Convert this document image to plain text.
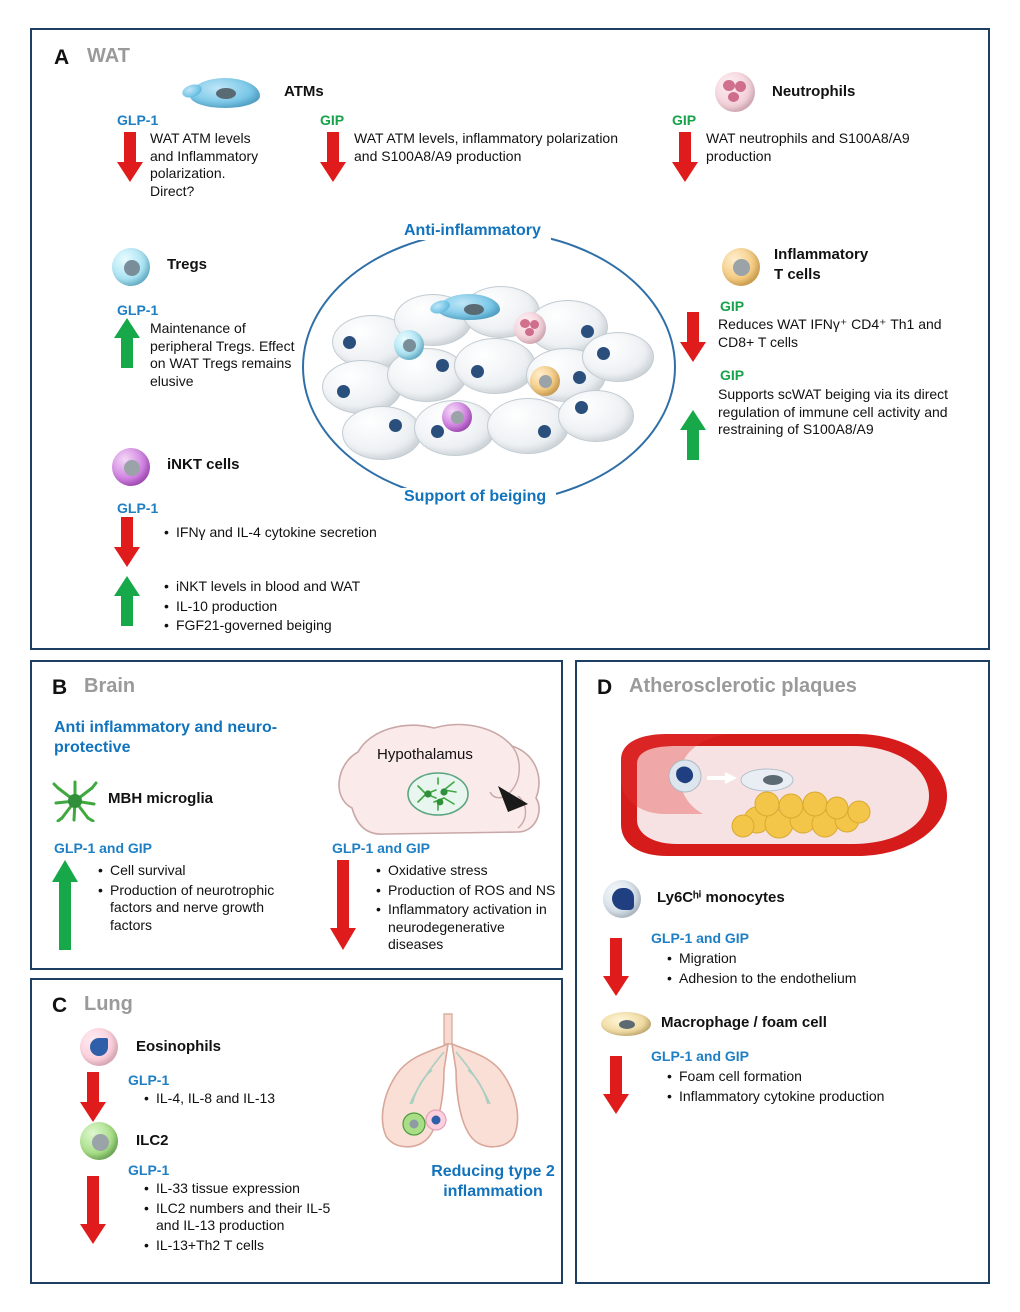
A WAT
ATMs	Neutrophils
GLP-1
WAT ATM levels and Inflammatory polarization. Direct?
GIP
WAT ATM levels, inflammatory polarization and S100A8/A9 production
GIP
WAT neutrophils and S100A8/A9 production
Tregs
GLP-1
Maintenance of peripheral Tregs. Effect on WAT Tregs remains elusive
iNKT cells
GLP-1
• IFNγ and IL-4 cytokine secretion
• iNKT levels in blood and WAT
• IL-10 production
• FGF21-governed beiging
Inflammatory
T cells
GIP
Reduces WAT IFNγ⁺ CD4⁺ Th1 and CD8+ T cells
GIP
Supports scWAT beiging via its direct regulation of immune cell activity and restraining of S100A8/A9
Anti-inflammatory
Support of beiging
B Brain
Anti inflammatory and neuro-protective
MBH microglia
Hypothalamus
GLP-1 and GIP
• Cell survival
• Production of neurotrophic factors and nerve growth factors
GLP-1 and GIP
• Oxidative stress
• Production of ROS and NS
• Inflammatory activation in neurodegenerative diseases
C Lung
Eosinophils
GLP-1
• IL-4, IL-8 and IL-13
ILC2
GLP-1
• IL-33 tissue expression
• ILC2 numbers and their IL-5 and IL-13 production
• IL-13+Th2 T cells
Reducing type 2 inflammation
D Atherosclerotic plaques
Ly6Cʰⁱ monocytes
GLP-1 and GIP
• Migration
• Adhesion to the endothelium
Macrophage / foam cell
GLP-1 and GIP
• Foam cell formation
• Inflammatory cytokine production
